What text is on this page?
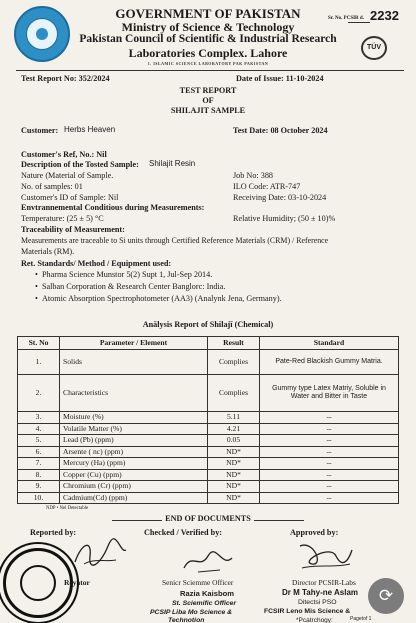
GOVERNMENT OF PAKISTAN
Ministry of Science & Technology
Pakistan Council of Scientific & Industrial Research
Laboratories Complex. Lahore
1. ISLAMIC SCIENCE LABORATORY PAK PAKISTAN
Sr. No. PCSIR d. 2232
TÜV
Test Report No: 352/2024	Date of Issue: 11-10-2024
TEST REPORT
OF
SHILAJIT SAMPLE
Customer: Herbs Heaven	Test Date: 08 October 2024
Customer's Ref, No.: Nil
Description of the Tosted Sample: Shilajit Resin
Nature (Material of Sample.	Job No: 388
No. of samples: 01	ILO Code: ATR-747
Customer's ID of Sample: Nil	Receiving Date: 03-10-2024
Envtrannemental Conditious during Measurements:
Temperature: (25 ± 5) °C	Relative Humidity; (50 ± 10)%
Traceability of Measurement:
Measurements are traceable to Si units through Certified Reference Materials (CRM) / Reference
Materials (RM).
Ret. Standards/ Method / Equipment used:
•  Pharma Science Munstor 5(2) Supt 1, Jul-Sep 2014.
•  Salban Corporation & Research Center Banglorc: India.
•  Atomic Absorption Spectrophotometer (AA3) (Analynk Jena, Germany).
Anālysis Report of Shilajī (Chemical)
St. No	Parameter / Element	Result	Standard
1.	Solids	Complies	Pate-Red Blackish Gummy Matria.
2.	Characteristics	Complies	Gummy type Latex Matriy, Soluble in Water and Bitter in Taste
3.	Moisture (%)	5.11	--
4.	Volatile Matter (%)	4.21	--
5.	Lead (Pb) (ppm)	0.05	--
6.	Arsente ( nc) (ppm)	ND*	--
7.	Mercury (Ha) (ppm)	ND*	--
8.	Copper (Cu) (ppm)	ND*	--
9.	Chromium (Cr) (ppm)	ND*	--
10.	Cadmium(Cd) (ppm)	ND*	--
NDP • Nel Detectable
END OF DOCUMENTS
Reported by:	Checked / Verified by:	Approved by:
Reyator	Senicr Sciemme Officer
Razia Kaisbom
St. Sciemific Officer
PCSIP Liba Mo Science &
Technotion
Director PCSIR-Labs
Dr M Tahy-ne Aslam
Ditectsi PSO
FCSIR Leno Mis Science &
*Pcatrchogy:	Pagetof 1
⟳
